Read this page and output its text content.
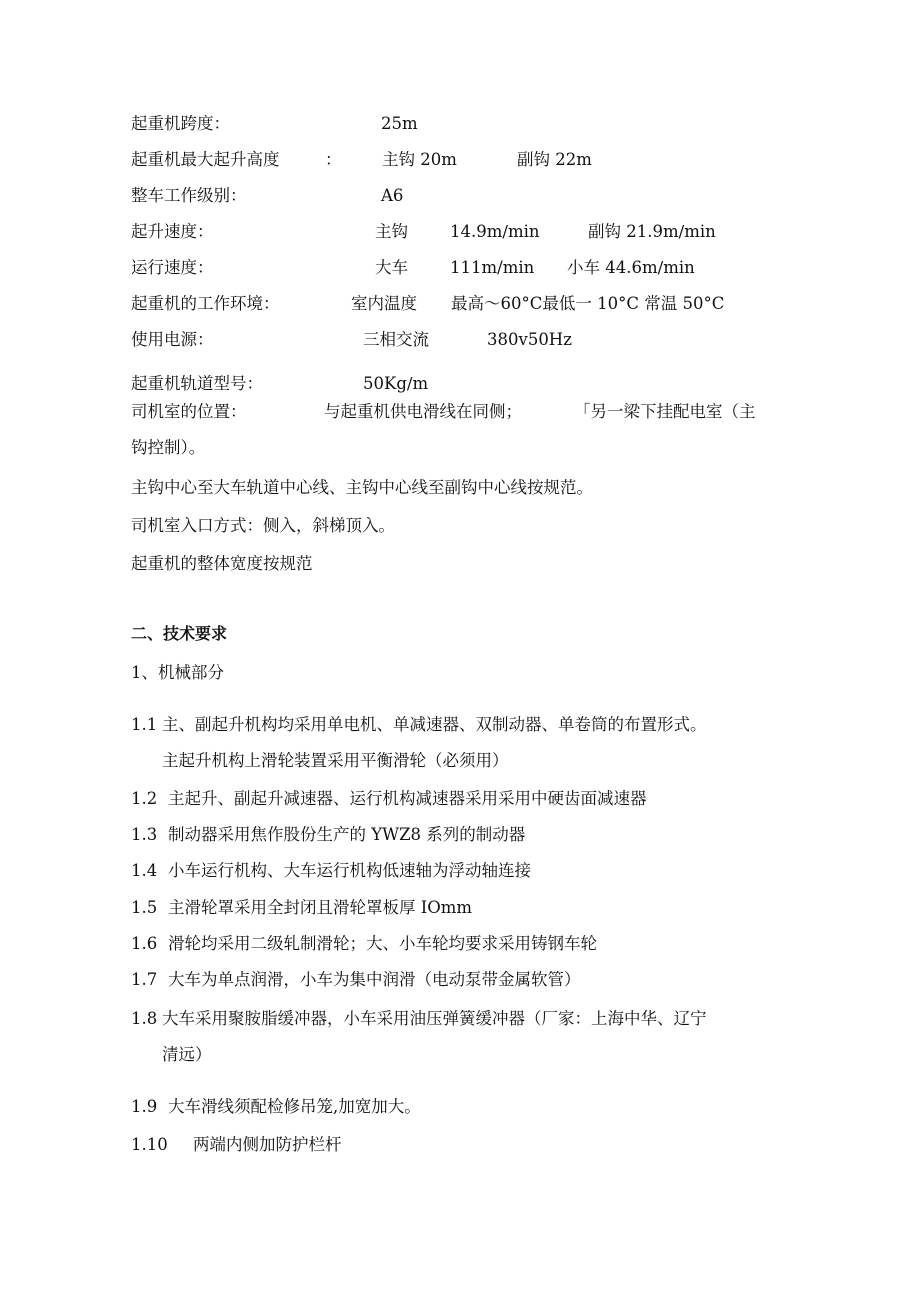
起重机跨度：	25m
起重机最大起升高度	： 主钩 20m	副钩 22m
整车工作级别：	A6
起升速度：	主钩	14.9m∕min	副钩 21.9m∕min
运行速度：	大车	111m/min 小车 44.6m∕min
起重机的工作环境：	室内温度 最高～60°C最低一 10°C 常温 50°C
使用电源：	三相交流	380v50Hz
起重机轨道型号：	50Kg∕m
司机室的位置：	与起重机供电滑线在同侧；	「另一梁下挂配电室（主
钩控制）。
主钩中心至大车轨道中心线、主钩中心线至副钩中心线按规范。
司机室入口方式：侧入，斜梯顶入。
起重机的整体宽度按规范
二、技术要求
1、机械部分
1.1 主、副起升机构均采用单电机、单减速器、双制动器、单卷筒的布置形式。
主起升机构上滑轮装置采用平衡滑轮（必须用）
1.2 主起升、副起升减速器、运行机构减速器采用采用中硬齿面减速器
1.3 制动器采用焦作股份生产的 YWZ8 系列的制动器
1.4 小车运行机构、大车运行机构低速轴为浮动轴连接
1.5 主滑轮罩采用全封闭且滑轮罩板厚 IOmm
1.6 滑轮均采用二级轧制滑轮；大、小车轮均要求采用铸钢车轮
1.7 大车为单点润滑，小车为集中润滑（电动泵带金属软管）
1.8 大车采用聚胺脂缓冲器，小车采用油压弹簧缓冲器（厂家：上海中华、辽宁
清远）
1.9 大车滑线须配检修吊笼,加宽加大。
1.10 两端内侧加防护栏杆
